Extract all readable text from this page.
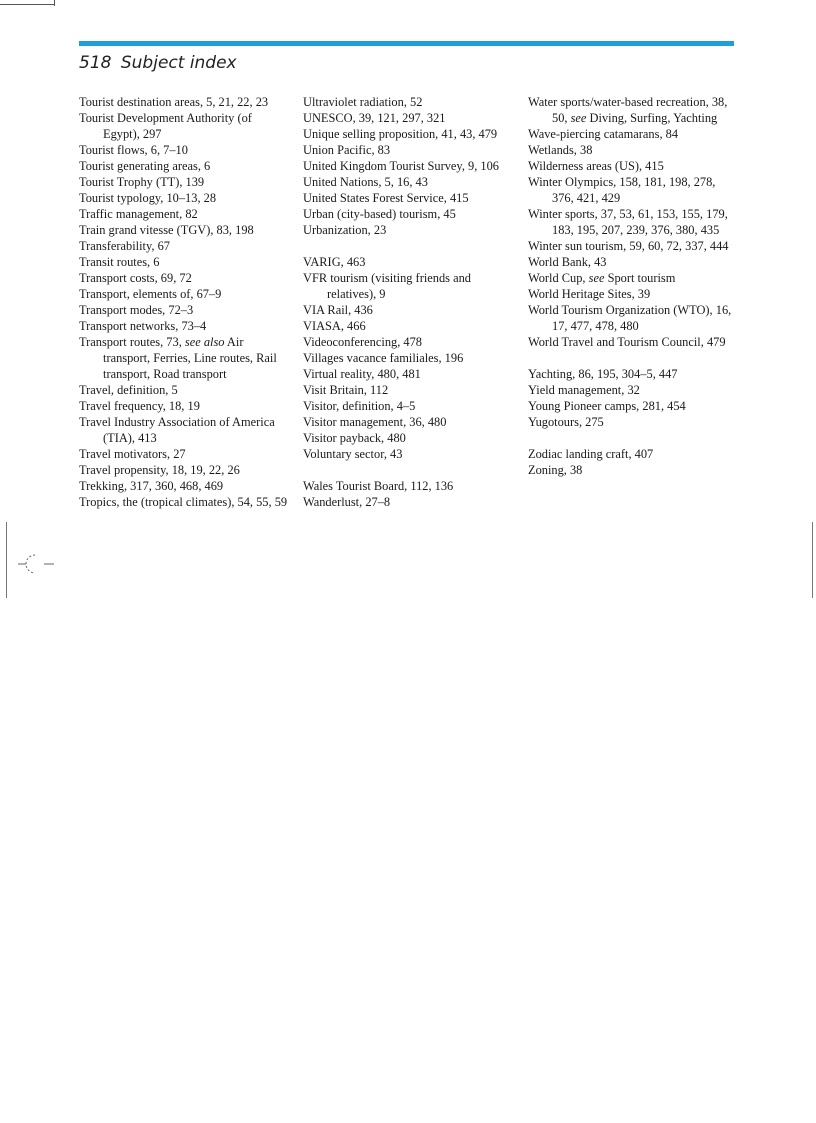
518 Subject index
Tourist destination areas, 5, 21, 22, 23
Tourist Development Authority (of Egypt), 297
Tourist flows, 6, 7–10
Tourist generating areas, 6
Tourist Trophy (TT), 139
Tourist typology, 10–13, 28
Traffic management, 82
Train grand vitesse (TGV), 83, 198
Transferability, 67
Transit routes, 6
Transport costs, 69, 72
Transport, elements of, 67–9
Transport modes, 72–3
Transport networks, 73–4
Transport routes, 73, see also Air transport, Ferries, Line routes, Rail transport, Road transport
Travel, definition, 5
Travel frequency, 18, 19
Travel Industry Association of America (TIA), 413
Travel motivators, 27
Travel propensity, 18, 19, 22, 26
Trekking, 317, 360, 468, 469
Tropics, the (tropical climates), 54, 55, 59
Ultraviolet radiation, 52
UNESCO, 39, 121, 297, 321
Unique selling proposition, 41, 43, 479
Union Pacific, 83
United Kingdom Tourist Survey, 9, 106
United Nations, 5, 16, 43
United States Forest Service, 415
Urban (city-based) tourism, 45
Urbanization, 23
VARIG, 463
VFR tourism (visiting friends and relatives), 9
VIA Rail, 436
VIASA, 466
Videoconferencing, 478
Villages vacance familiales, 196
Virtual reality, 480, 481
Visit Britain, 112
Visitor, definition, 4–5
Visitor management, 36, 480
Visitor payback, 480
Voluntary sector, 43
Wales Tourist Board, 112, 136
Wanderlust, 27–8
Water sports/water-based recreation, 38, 50, see Diving, Surfing, Yachting
Wave-piercing catamarans, 84
Wetlands, 38
Wilderness areas (US), 415
Winter Olympics, 158, 181, 198, 278, 376, 421, 429
Winter sports, 37, 53, 61, 153, 155, 179, 183, 195, 207, 239, 376, 380, 435
Winter sun tourism, 59, 60, 72, 337, 444
World Bank, 43
World Cup, see Sport tourism
World Heritage Sites, 39
World Tourism Organization (WTO), 16, 17, 477, 478, 480
World Travel and Tourism Council, 479
Yachting, 86, 195, 304–5, 447
Yield management, 32
Young Pioneer camps, 281, 454
Yugotours, 275
Zodiac landing craft, 407
Zoning, 38
